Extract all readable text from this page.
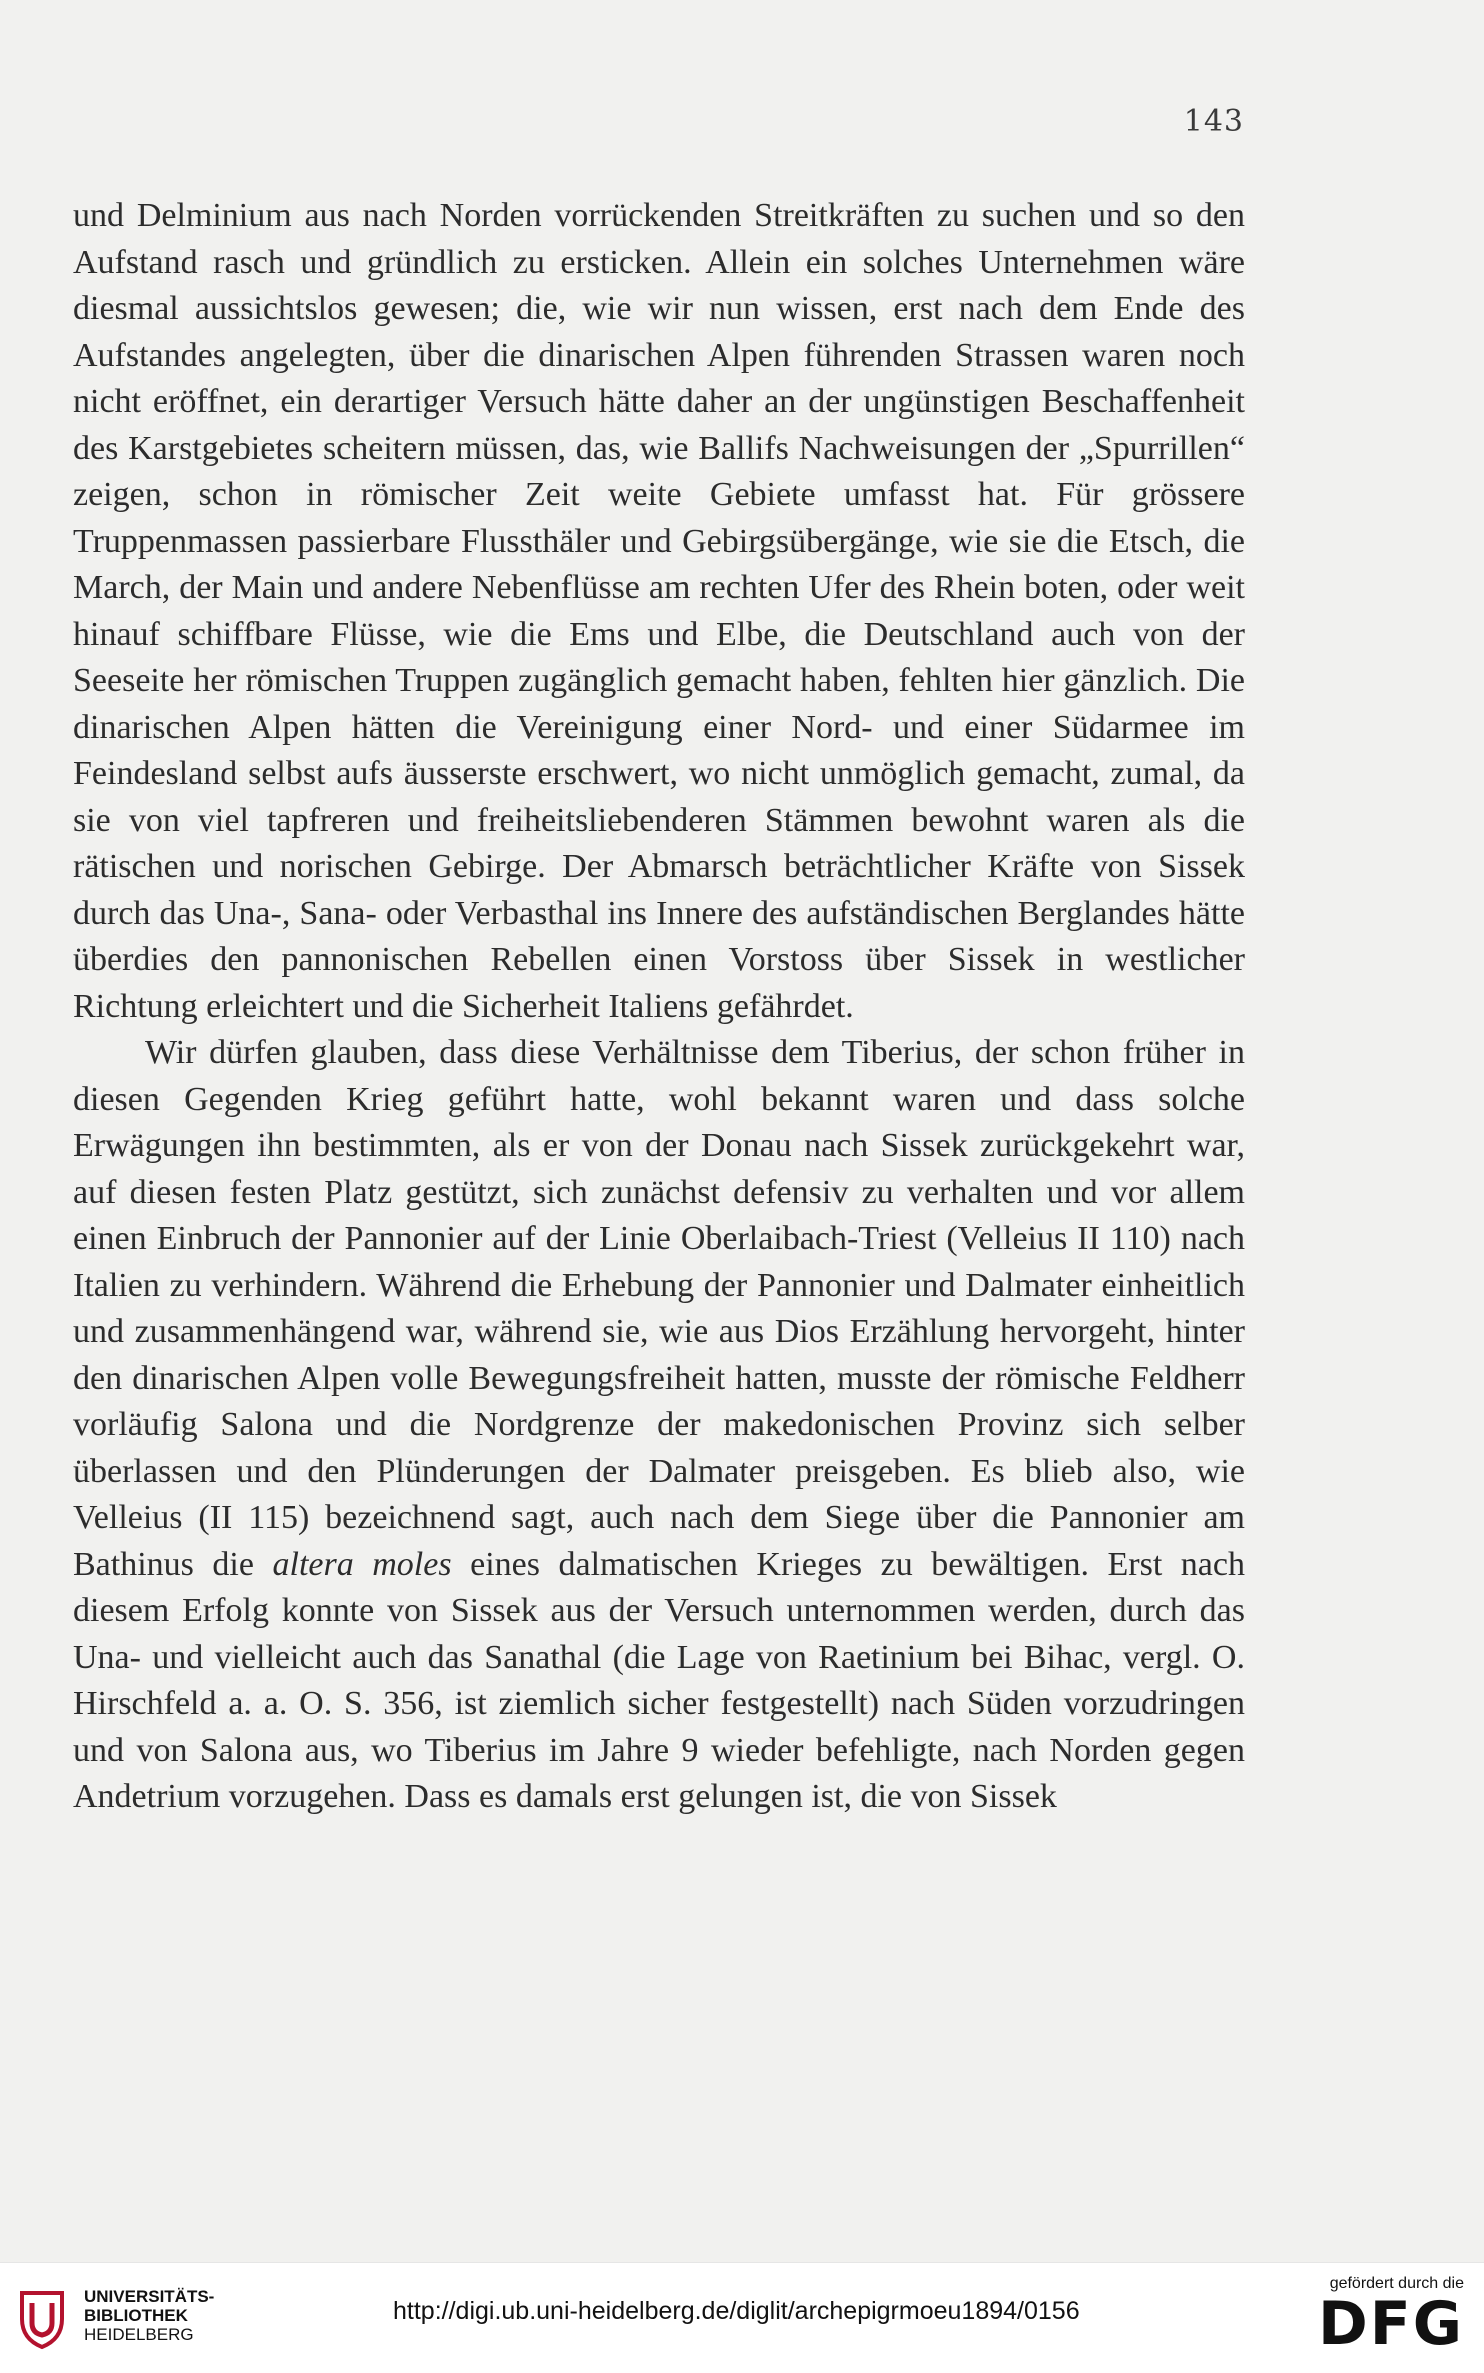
143

und Delminium aus nach Norden vorrückenden Streitkräften zu suchen und so den Aufstand rasch und gründlich zu ersticken. Allein ein solches Unternehmen wäre diesmal aussichtslos gewesen; die, wie wir nun wissen, erst nach dem Ende des Aufstandes angelegten, über die dinarischen Alpen führenden Strassen waren noch nicht eröffnet, ein derartiger Versuch hätte daher an der ungünstigen Beschaffenheit des Karstgebietes scheitern müssen, das, wie Ballifs Nachweisungen der „Spurrillen“ zeigen, schon in römischer Zeit weite Gebiete umfasst hat. Für grössere Truppenmassen passierbare Flussthäler und Gebirgsübergänge, wie sie die Etsch, die March, der Main und andere Nebenflüsse am rechten Ufer des Rhein boten, oder weit hinauf schiffbare Flüsse, wie die Ems und Elbe, die Deutschland auch von der Seeseite her römischen Truppen zugänglich gemacht haben, fehlten hier gänzlich. Die dinarischen Alpen hätten die Vereinigung einer Nord- und einer Südarmee im Feindesland selbst aufs äusserste erschwert, wo nicht unmöglich gemacht, zumal, da sie von viel tapfreren und freiheitsliebenderen Stämmen bewohnt waren als die rätischen und norischen Gebirge. Der Abmarsch beträchtlicher Kräfte von Sissek durch das Una-, Sana- oder Verbasthal ins Innere des aufständischen Berglandes hätte überdies den pannonischen Rebellen einen Vorstoss über Sissek in westlicher Richtung erleichtert und die Sicherheit Italiens gefährdet.

Wir dürfen glauben, dass diese Verhältnisse dem Tiberius, der schon früher in diesen Gegenden Krieg geführt hatte, wohl bekannt waren und dass solche Erwägungen ihn bestimmten, als er von der Donau nach Sissek zurückgekehrt war, auf diesen festen Platz gestützt, sich zunächst defensiv zu verhalten und vor allem einen Einbruch der Pannonier auf der Linie Oberlaibach-Triest (Velleius II 110) nach Italien zu verhindern. Während die Erhebung der Pannonier und Dalmater einheitlich und zusammenhängend war, während sie, wie aus Dios Erzählung hervorgeht, hinter den dinarischen Alpen volle Bewegungsfreiheit hatten, musste der römische Feldherr vorläufig Salona und die Nordgrenze der makedonischen Provinz sich selber überlassen und den Plünderungen der Dalmater preisgeben. Es blieb also, wie Velleius (II 115) bezeichnend sagt, auch nach dem Siege über die Pannonier am Bathinus die altera moles eines dalmatischen Krieges zu bewältigen. Erst nach diesem Erfolg konnte von Sissek aus der Versuch unternommen werden, durch das Una- und vielleicht auch das Sanathal (die Lage von Raetinium bei Bihac, vergl. O. Hirschfeld a. a. O. S. 356, ist ziemlich sicher festgestellt) nach Süden vorzudringen und von Salona aus, wo Tiberius im Jahre 9 wieder befehligte, nach Norden gegen Andetrium vorzugehen. Dass es damals erst gelungen ist, die von Sissek

UNIVERSITÄTS-
BIBLIOTHEK
HEIDELBERG
http://digi.ub.uni-heidelberg.de/diglit/archepigrmoeu1894/0156
gefördert durch die
DFG
